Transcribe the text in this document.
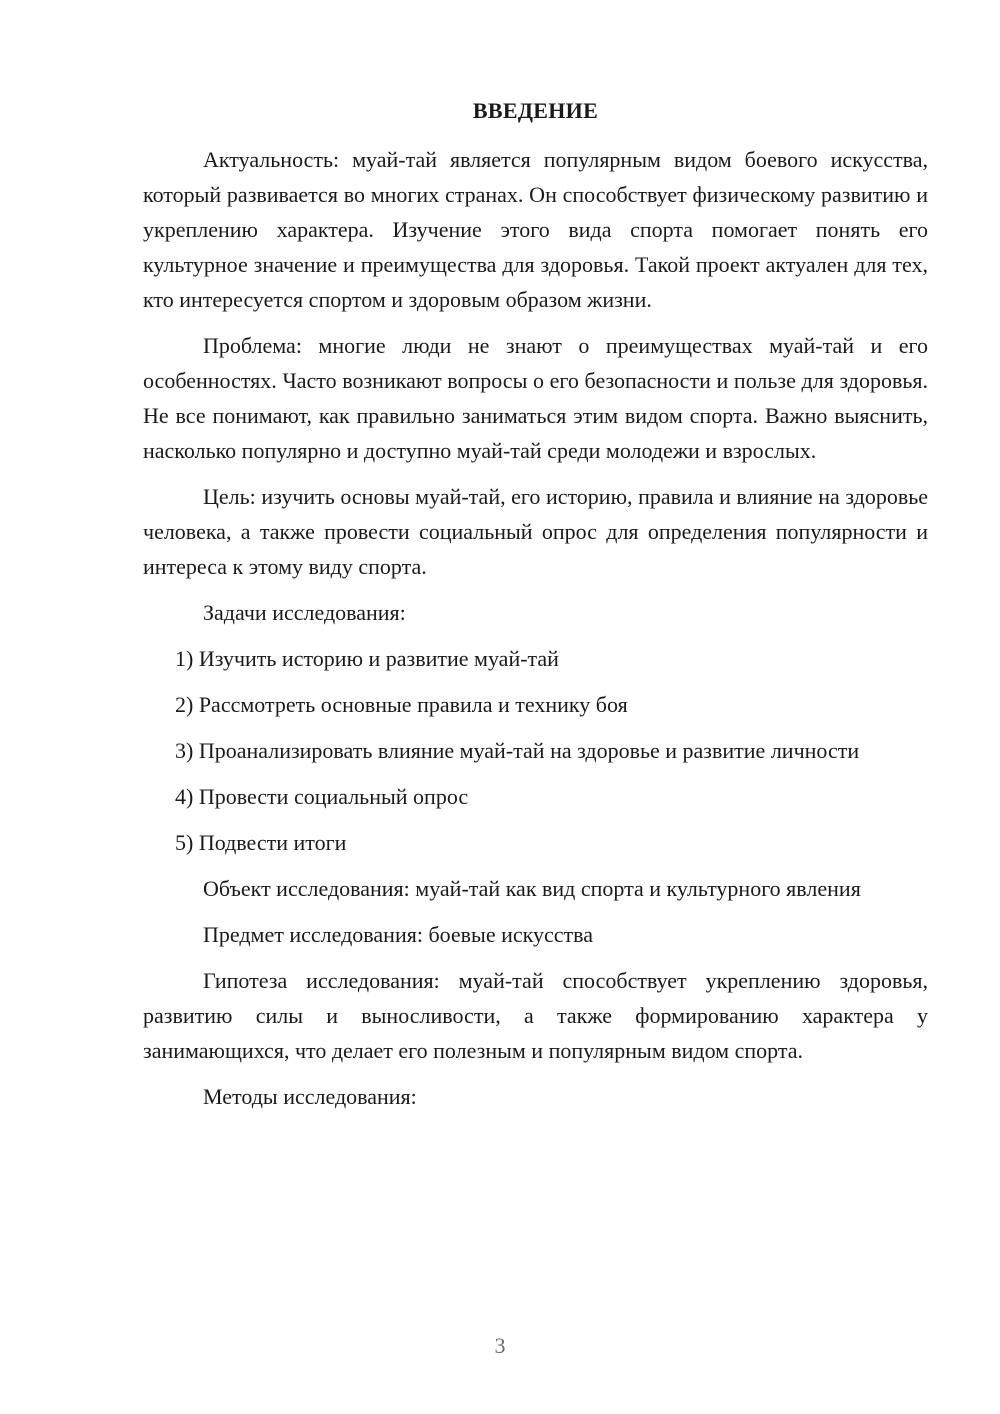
ВВЕДЕНИЕ

Актуальность: муай-тай является популярным видом боевого искусства, который развивается во многих странах. Он способствует физическому развитию и укреплению характера. Изучение этого вида спорта помогает понять его культурное значение и преимущества для здоровья. Такой проект актуален для тех, кто интересуется спортом и здоровым образом жизни.

Проблема: многие люди не знают о преимуществах муай-тай и его особенностях. Часто возникают вопросы о его безопасности и пользе для здоровья. Не все понимают, как правильно заниматься этим видом спорта. Важно выяснить, насколько популярно и доступно муай-тай среди молодежи и взрослых.

Цель: изучить основы муай-тай, его историю, правила и влияние на здоровье человека, а также провести социальный опрос для определения популярности и интереса к этому виду спорта.

Задачи исследования:

1) Изучить историю и развитие муай-тай

2) Рассмотреть основные правила и технику боя

3) Проанализировать влияние муай-тай на здоровье и развитие личности

4) Провести социальный опрос

5) Подвести итоги

Объект исследования: муай-тай как вид спорта и культурного явления

Предмет исследования: боевые искусства

Гипотеза исследования: муай-тай способствует укреплению здоровья, развитию силы и выносливости, а также формированию характера у занимающихся, что делает его полезным и популярным видом спорта.

Методы исследования:

3
